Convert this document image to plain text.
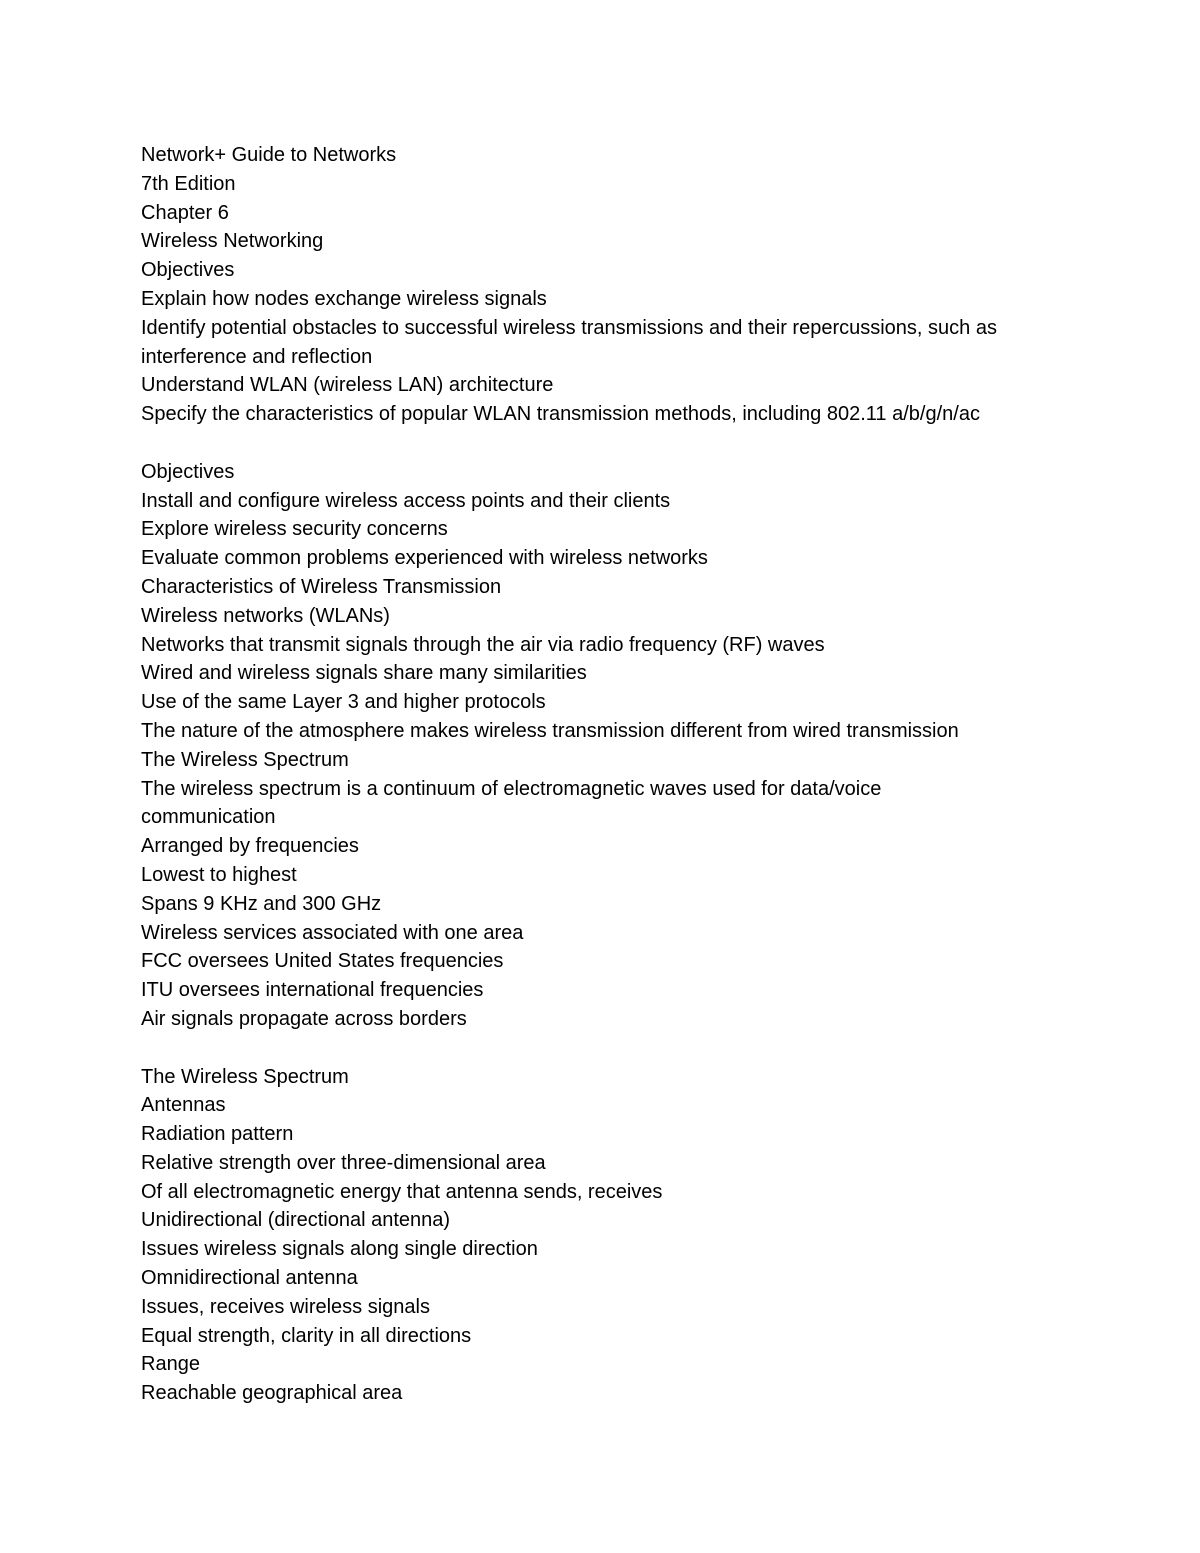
Network+ Guide to Networks
7th Edition
Chapter 6
Wireless Networking
Objectives
Explain how nodes exchange wireless signals
Identify potential obstacles to successful wireless transmissions and their repercussions, such as
interference and reflection
Understand WLAN (wireless LAN) architecture
Specify the characteristics of popular WLAN transmission methods, including 802.11 a/b/g/n/ac
Objectives
Install and configure wireless access points and their clients
Explore wireless security concerns
Evaluate common problems experienced with wireless networks
Characteristics of Wireless Transmission
Wireless networks (WLANs)
Networks that transmit signals through the air via radio frequency (RF) waves
Wired and wireless signals share many similarities
Use of the same Layer 3 and higher protocols
The nature of the atmosphere makes wireless transmission different from wired transmission
The Wireless Spectrum
The wireless spectrum is a continuum of electromagnetic waves used for data/voice
communication
Arranged by frequencies
Lowest to highest
Spans 9 KHz and 300 GHz
Wireless services associated with one area
FCC oversees United States frequencies
ITU oversees international frequencies
Air signals propagate across borders
The Wireless Spectrum
Antennas
Radiation pattern
Relative strength over three-dimensional area
Of all electromagnetic energy that antenna sends, receives
Unidirectional (directional antenna)
Issues wireless signals along single direction
Omnidirectional antenna
Issues, receives wireless signals
Equal strength, clarity in all directions
Range
Reachable geographical area
